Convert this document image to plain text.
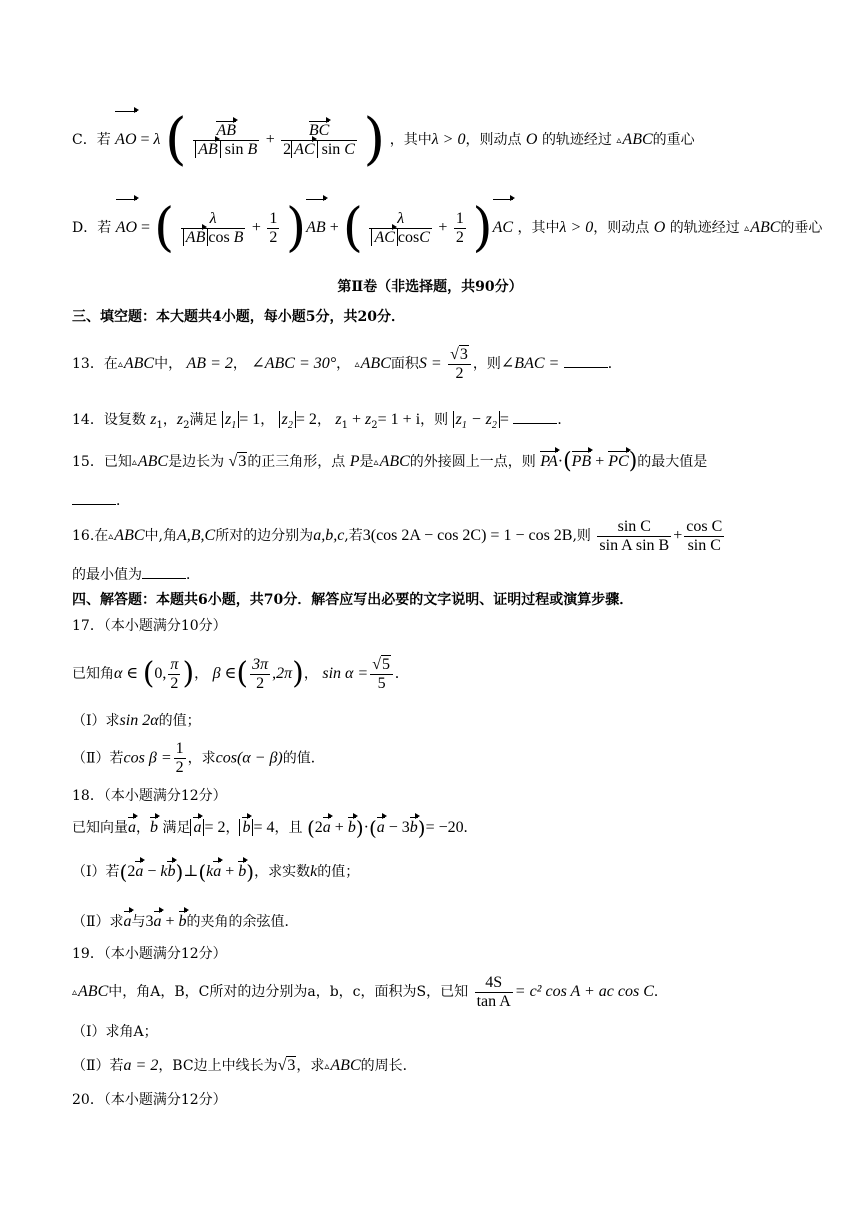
C．若 AO = λ ( $\frac{AB}{\text{AB sin B}} + \frac{BC}{\text{2 AC sin C}}$ ) ，其中λ > 0，则动点 O 的轨迹经过 ▵ABC的重心
D．若 AO = ( $\frac{\lambda}{\text{AB cos B}} + \frac{1}{2} )AB$ + ( $\frac{\lambda}{\text{AC cosC}} + \frac{1}{2} )AC$ ，其中λ > 0，则动点 O 的轨迹经过 ▵ABC的垂心
第Ⅱ卷（非选择题，共90分）
三、填空题：本大题共4小题，每小题5分，共20分．
13．在▵ABC中， AB = 2， ∠ABC = 30°， ▵ABC面积$S = \frac{√3}{2}$ ，则∠BAC =	．
14．设复数 $z_1$，$z_2$满足 $z_1 = 1$， $z_2 = 2$， $z_1 + z_2= 1 + i$，则 $z_1 - z_2$ =	．
15．已知▵ABC是边长为 √3的正三角形，点 P是▵ABC的外接圆上一点，则 PA·(PB + PC)的最大值是
．
16.在▵ABC中,角A,B,C所对的边分别为a,b,c,若3(cos 2A − cos 2C) = 1 − cos 2B,则 $\frac{\text{sin C}}{\text{sin A sin B}} + \frac{\text{cos C}}{\text{sin C}}$
的最小值为	．
四、解答题：本题共6小题，共70分．解答应写出必要的文字说明、证明过程或演算步骤．
17．（本小题满分10分）
已知角α ∈ (0, $\frac{\pi}{2}$ )， β ∈( $\frac{3\pi}{2} ,2\pi$)， $\sin \alpha = \frac{√5}{5}$ .
（Ⅰ）求sin 2α的值；
（Ⅱ）若$\cos \beta = \frac{1}{2}$ ，求cos(α − β)的值．
18．（本小题满分12分）
已知向量a，b 满足 a = 2， b = 4，且 (2a + b)·(a − 3b)= −20.
（Ⅰ）若(2a − kb)⊥(ka + b)，求实数k的值；
（Ⅱ）求a与3a + b的夹角的余弦值．
19．（本小题满分12分）
▵ABC中，角A，B，C所对的边分别为a，b，c，面积为S，已知 $\frac{4S}{\text{tan A}} = c^2$ cos A + ac cos C．
（Ⅰ）求角A；
（Ⅱ）若a = 2，BC边上中线长为√3，求▵ABC的周长．
20．（本小题满分12分）
